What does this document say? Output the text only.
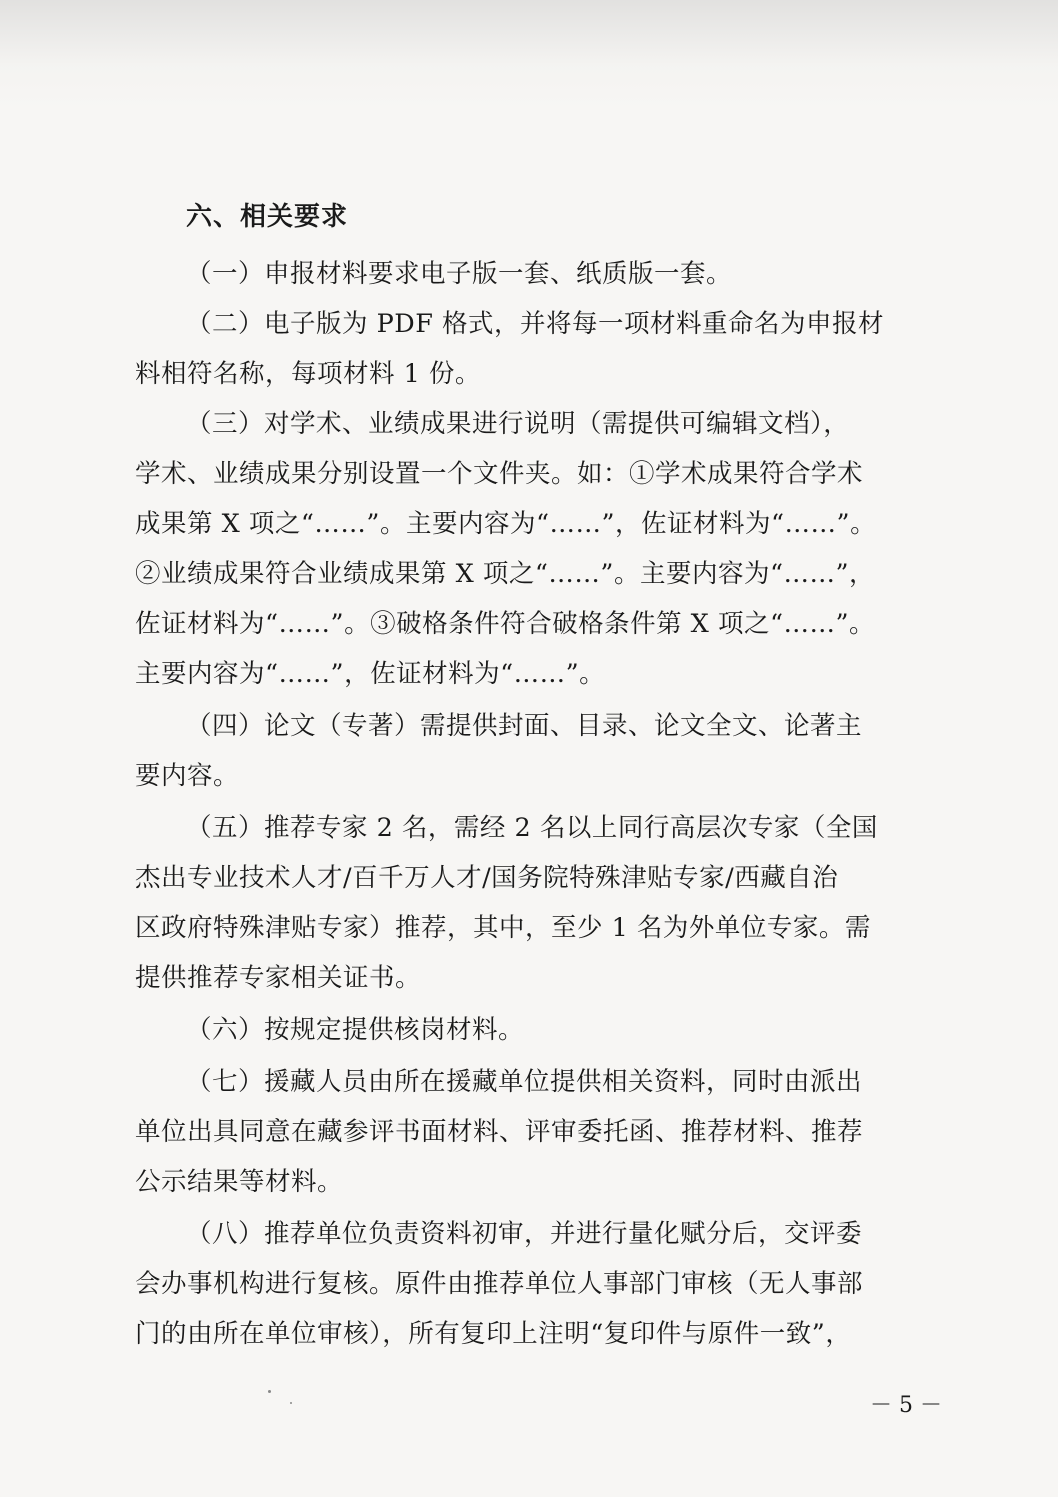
六、相关要求
（一）申报材料要求电子版一套、纸质版一套。
（二）电子版为 PDF 格式，并将每一项材料重命名为申报材
料相符名称，每项材料 1 份。
（三）对学术、业绩成果进行说明（需提供可编辑文档），
学术、业绩成果分别设置一个文件夹。如：①学术成果符合学术
成果第 X 项之“……”。主要内容为“……”，佐证材料为“……”。
②业绩成果符合业绩成果第 X 项之“……”。主要内容为“……”，
佐证材料为“……”。③破格条件符合破格条件第 X 项之“……”。
主要内容为“……”，佐证材料为“……”。
（四）论文（专著）需提供封面、目录、论文全文、论著主
要内容。
（五）推荐专家 2 名，需经 2 名以上同行高层次专家（全国
杰出专业技术人才/百千万人才/国务院特殊津贴专家/西藏自治
区政府特殊津贴专家）推荐，其中，至少 1 名为外单位专家。需
提供推荐专家相关证书。
（六）按规定提供核岗材料。
（七）援藏人员由所在援藏单位提供相关资料，同时由派出
单位出具同意在藏参评书面材料、评审委托函、推荐材料、推荐
公示结果等材料。
（八）推荐单位负责资料初审，并进行量化赋分后，交评委
会办事机构进行复核。原件由推荐单位人事部门审核（无人事部
门的由所在单位审核），所有复印上注明“复印件与原件一致”，
－ 5 －
